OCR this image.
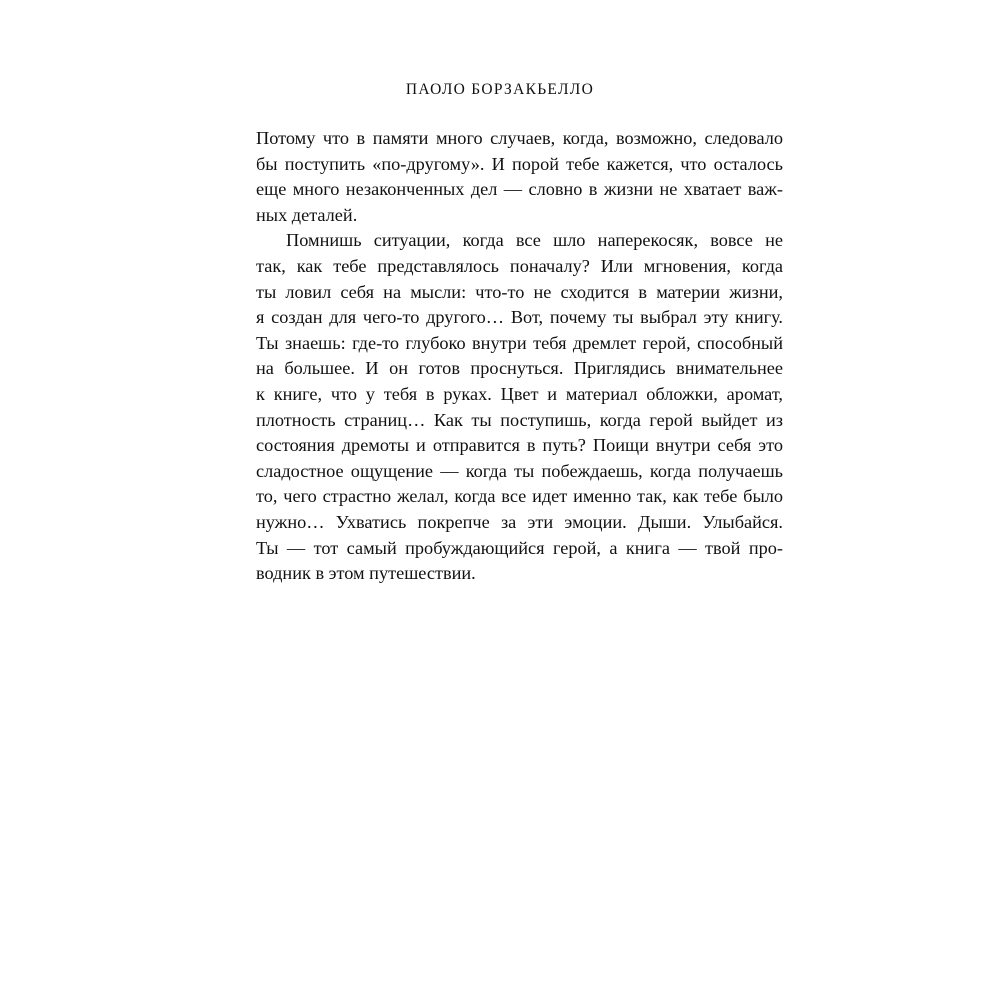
ПАОЛО БОРЗАКЬЕЛЛО
Потому что в памяти много случаев, когда, возможно, следовало
бы поступить «по-другому». И порой тебе кажется, что осталось
еще много незаконченных дел — словно в жизни не хватает важ-
ных деталей.
Помнишь ситуации, когда все шло наперекосяк, вовсе не
так, как тебе представлялось поначалу? Или мгновения, когда
ты ловил себя на мысли: что-то не сходится в материи жизни,
я создан для чего-то другого… Вот, почему ты выбрал эту книгу.
Ты знаешь: где-то глубоко внутри тебя дремлет герой, способный
на большее. И он готов проснуться. Приглядись внимательнее
к книге, что у тебя в руках. Цвет и материал обложки, аромат,
плотность страниц… Как ты поступишь, когда герой выйдет из
состояния дремоты и отправится в путь? Поищи внутри себя это
сладостное ощущение — когда ты побеждаешь, когда получаешь
то, чего страстно желал, когда все идет именно так, как тебе было
нужно… Ухватись покрепче за эти эмоции. Дыши. Улыбайся.
Ты — тот самый пробуждающийся герой, а книга — твой про-
водник в этом путешествии.
